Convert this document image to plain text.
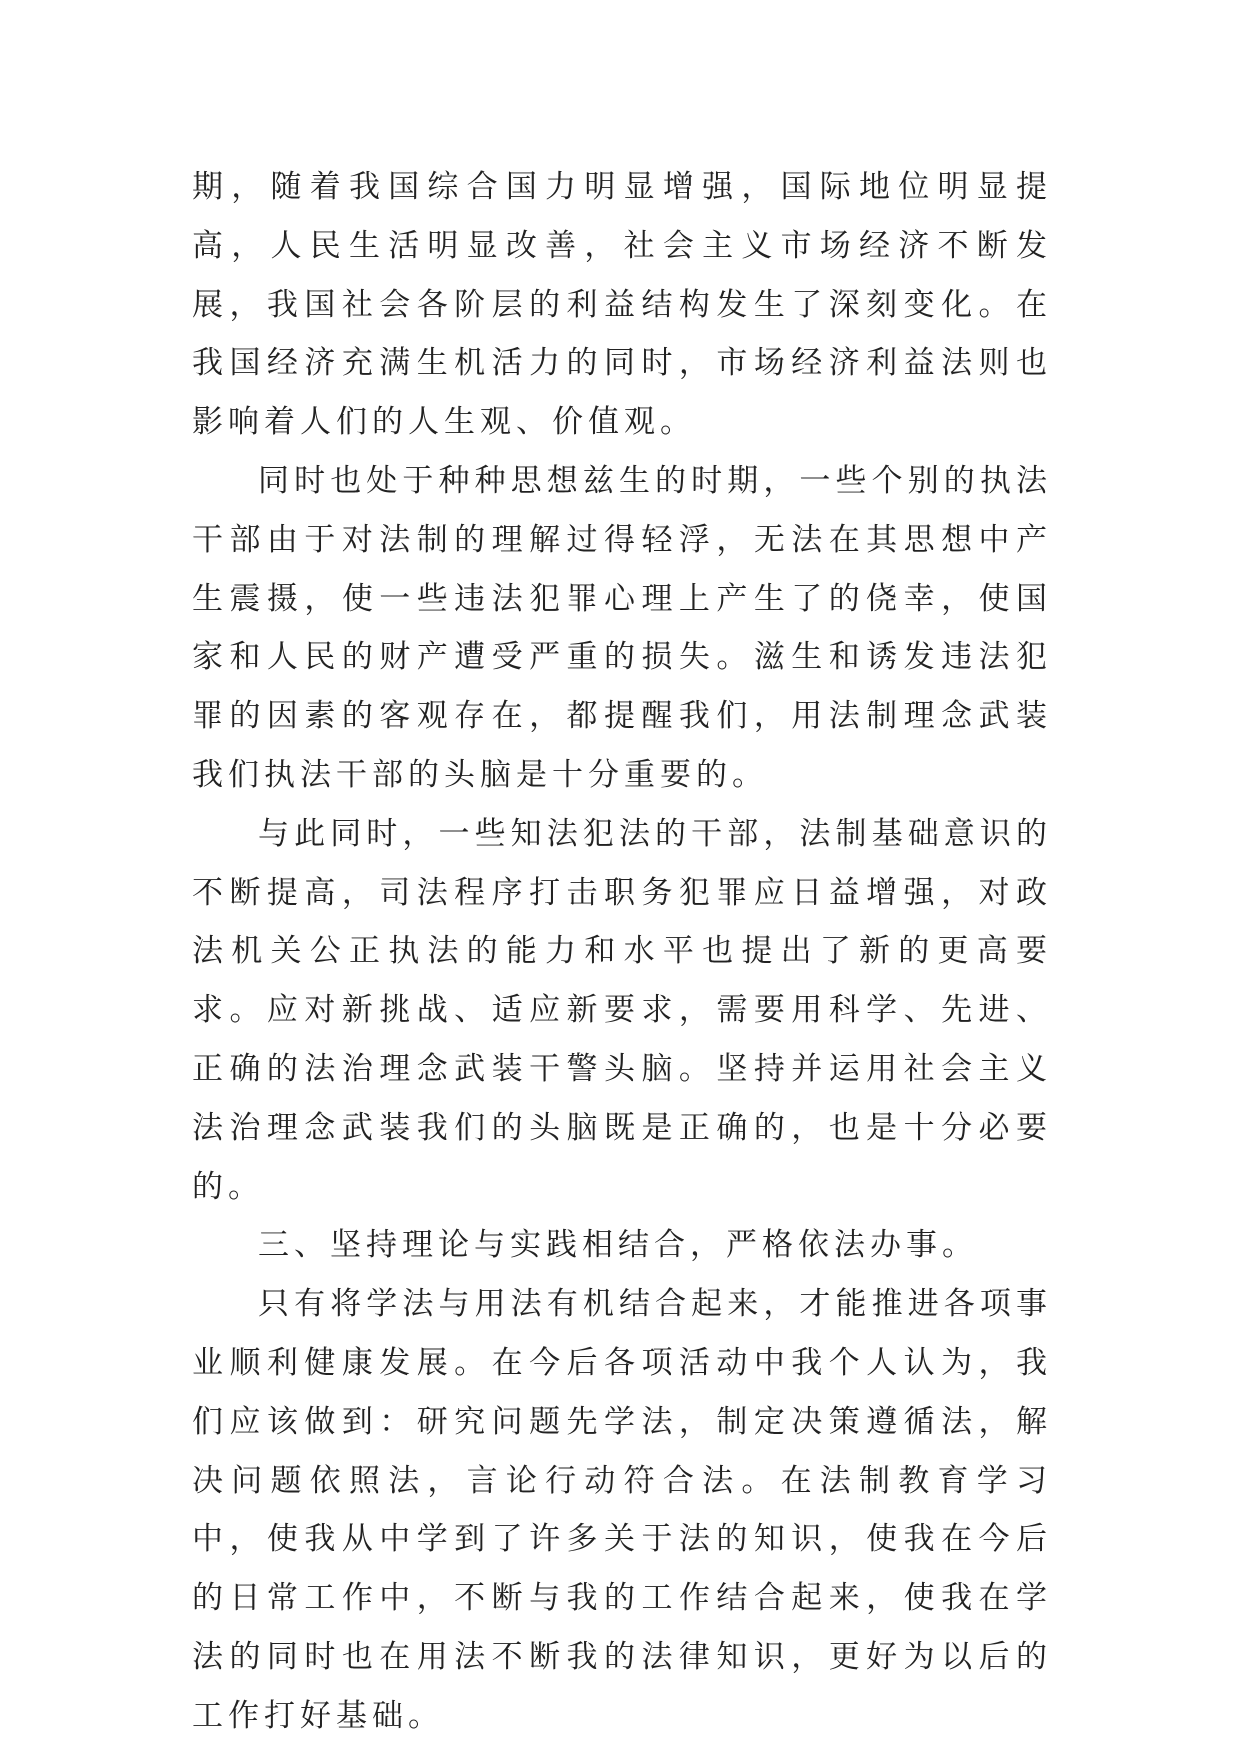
期，随着我国综合国力明显增强，国际地位明显提高，人民生活明显改善，社会主义市场经济不断发展，我国社会各阶层的利益结构发生了深刻变化。在我国经济充满生机活力的同时，市场经济利益法则也影响着人们的人生观、价值观。

同时也处于种种思想兹生的时期，一些个别的执法干部由于对法制的理解过得轻浮，无法在其思想中产生震摄，使一些违法犯罪心理上产生了的侥幸，使国家和人民的财产遭受严重的损失。滋生和诱发违法犯罪的因素的客观存在，都提醒我们，用法制理念武装我们执法干部的头脑是十分重要的。

与此同时，一些知法犯法的干部，法制基础意识的不断提高，司法程序打击职务犯罪应日益增强，对政法机关公正执法的能力和水平也提出了新的更高要求。应对新挑战、适应新要求，需要用科学、先进、正确的法治理念武装干警头脑。坚持并运用社会主义法治理念武装我们的头脑既是正确的，也是十分必要的。

三、坚持理论与实践相结合，严格依法办事。

只有将学法与用法有机结合起来，才能推进各项事业顺利健康发展。在今后各项活动中我个人认为，我们应该做到：研究问题先学法，制定决策遵循法，解决问题依照法，言论行动符合法。在法制教育学习中，使我从中学到了许多关于法的知识，使我在今后的日常工作中，不断与我的工作结合起来，使我在学法的同时也在用法不断我的法律知识，更好为以后的工作打好基础。
